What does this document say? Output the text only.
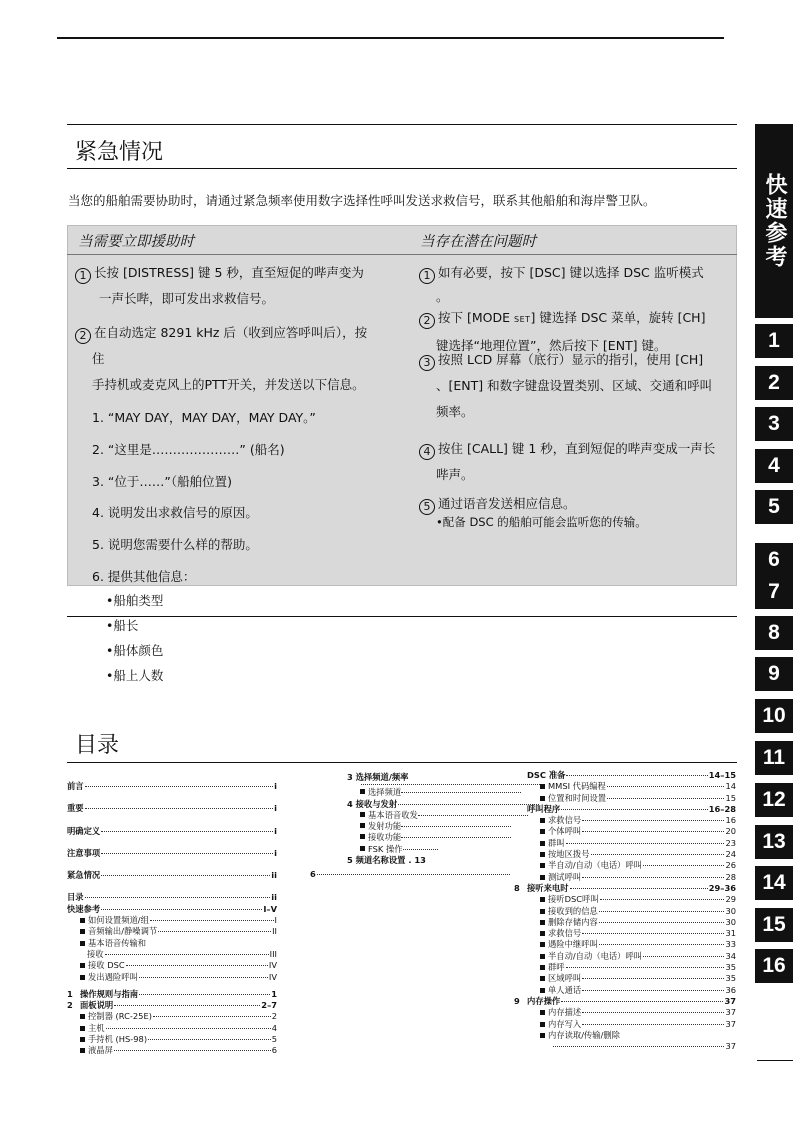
快速参考
1
2
3
4
5
6
7
8
9
10
11
12
13
14
15
16
紧急情况
当您的船舶需要协助时，请通过紧急频率使用数字选择性呼叫发送求救信号，联系其他船舶和海岸警卫队。
当需要立即援助时	当存在潜在问题时
1 长按 [DISTRESS] 键 5 秒，直至短促的哔声变为
一声长哔，即可发出求救信号。
2 在自动选定 8291 kHz 后（收到应答呼叫后），按
住
手持机或麦克风上的PTT开关，并发送以下信息。
1. “MAY DAY，MAY DAY，MAY DAY。”
2. “这里是…………………” (船名)
3. “位于……”（船舶位置)
4. 说明发出求救信号的原因。
5. 说明您需要什么样的帮助。
6. 提供其他信息：
1 如有必要，按下 [DSC] 键以选择 DSC 监听模式
。
2 按下 [MODE SET] 键选择 DSC 菜单，旋转 [CH]
键选择“地理位置”，然后按下 [ENT] 键。
3 按照 LCD 屏幕（底行）显示的指引，使用 [CH]
、[ENT] 和数字键盘设置类别、区域、交通和呼叫
频率。
4 按住 [CALL] 键 1 秒，直到短促的哔声变成一声长
哔声。
5 通过语音发送相应信息。
•配备 DSC 的船舶可能会监听您的传输。
•船舶类型
•船长
•船体颜色
•船上人数
目录
前言	i
重要	i
明确定义	i
注意事项	i
紧急情况	ii
目录	ii
快速参考	I–V
如何设置频道/组	I
音频输出/静噪调节	II
基本语音传输和
接收	III
接收 DSC	IV
发出遇险呼叫	IV
1 操作规则与指南	1
2 面板说明	2–7
控制器 (RC-25E)	2
主机	4
手持机 (HS-98)	5
液晶屏	6
3 选择频道/频率
选择频道
4 接收与发射
基本语音收发
发射功能
接收功能
FSK 操作
5 频道名称设置 . 13
6
DSC 准备	14–15
MMSI 代码编程	14
位置和时间设置	15
呼叫程序	16–28
求救信号	16
个体呼叫	20
群叫	23
按地区拨号	24
半自动/自动（电话）呼叫	26
测试呼叫	28
8 接听来电时	29–36
接听DSC呼叫	29
接收到的信息	30
删除存储内容	30
求救信号	31
遇险中继呼叫	33
半自动/自动（电话）呼叫	34
群呼	35
区域呼叫	35
单人通话	36
9 内存操作	37
内存描述	37
内存写入	37
内存读取/传输/删除
37
